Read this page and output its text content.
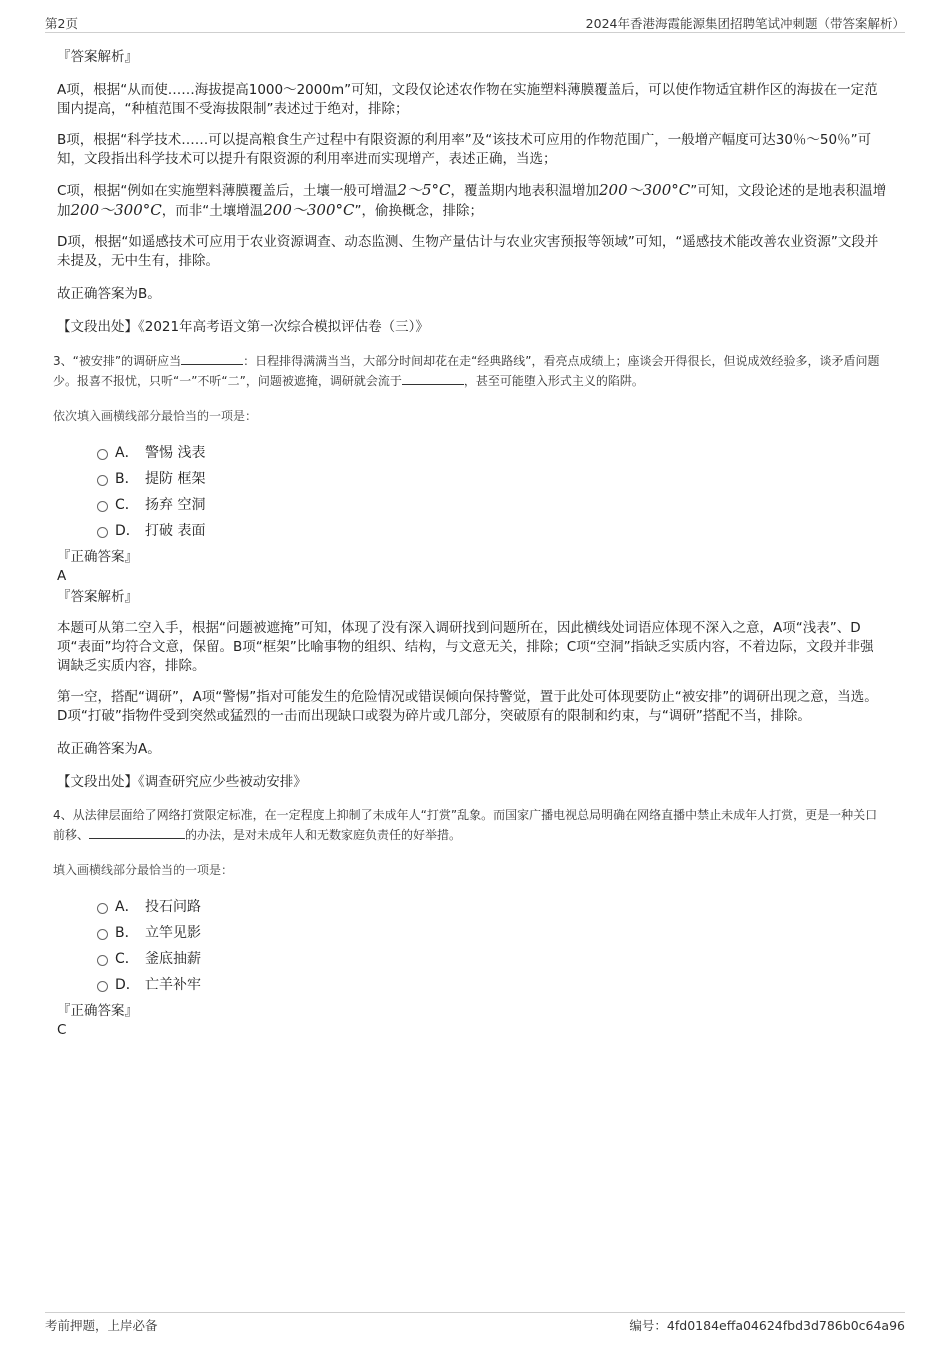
第2页	2024年香港海霞能源集团招聘笔试冲刺题（带答案解析）
『答案解析』

A项，根据“从而使……海拔提高1000～2000m”可知，文段仅论述农作物在实施塑料薄膜覆盖后，可以使作物适宜耕作区的海拔在一定范围内提高，“种植范围不受海拔限制”表述过于绝对，排除；

B项，根据“科学技术……可以提高粮食生产过程中有限资源的利用率”及“该技术可应用的作物范围广，一般增产幅度可达30％～50％”可知，文段指出科学技术可以提升有限资源的利用率进而实现增产，表述正确，当选；

C项，根据“例如在实施塑料薄膜覆盖后，土壤一般可增温2～5°C，覆盖期内地表积温增加200～300°C”可知，文段论述的是地表积温增加200～300°C，而非“土壤增温200～300°C”，偷换概念，排除；

D项，根据“如遥感技术可应用于农业资源调查、动态监测、生物产量估计与农业灾害预报等领域”可知，“遥感技术能改善农业资源”文段并未提及，无中生有，排除。

故正确答案为B。

【文段出处】《2021年高考语文第一次综合模拟评估卷（三）》

3、“被安排”的调研应当	：日程排得满满当当，大部分时间却花在走“经典路线”，看亮点成绩上；座谈会开得很长，但说成效经验多，谈矛盾问题少。报喜不报忧，只听“一”不听“二”，问题被遮掩，调研就会流于	，甚至可能堕入形式主义的陷阱。

依次填入画横线部分最恰当的一项是：

A． 警惕 浅表
B． 提防 框架
C． 扬弃 空洞
D． 打破 表面
『正确答案』
A
『答案解析』

本题可从第二空入手，根据“问题被遮掩”可知，体现了没有深入调研找到问题所在，因此横线处词语应体现不深入之意，A项“浅表”、D项“表面”均符合文意，保留。B项“框架”比喻事物的组织、结构，与文意无关，排除；C项“空洞”指缺乏实质内容，不着边际，文段并非强调缺乏实质内容，排除。

第一空，搭配“调研”，A项“警惕”指对可能发生的危险情况或错误倾向保持警觉，置于此处可体现要防止“被安排”的调研出现之意，当选。D项“打破”指物件受到突然或猛烈的一击而出现缺口或裂为碎片或几部分，突破原有的限制和约束，与“调研”搭配不当，排除。

故正确答案为A。

【文段出处】《调查研究应少些被动安排》

4、从法律层面给了网络打赏限定标准，在一定程度上抑制了未成年人“打赏”乱象。而国家广播电视总局明确在网络直播中禁止未成年人打赏，更是一种关口前移、	的办法，是对未成年人和无数家庭负责任的好举措。

填入画横线部分最恰当的一项是：

A． 投石问路
B． 立竿见影
C． 釜底抽薪
D． 亡羊补牢
『正确答案』
C
考前押题，上岸必备	编号：4fd0184effa04624fbd3d786b0c64a96
